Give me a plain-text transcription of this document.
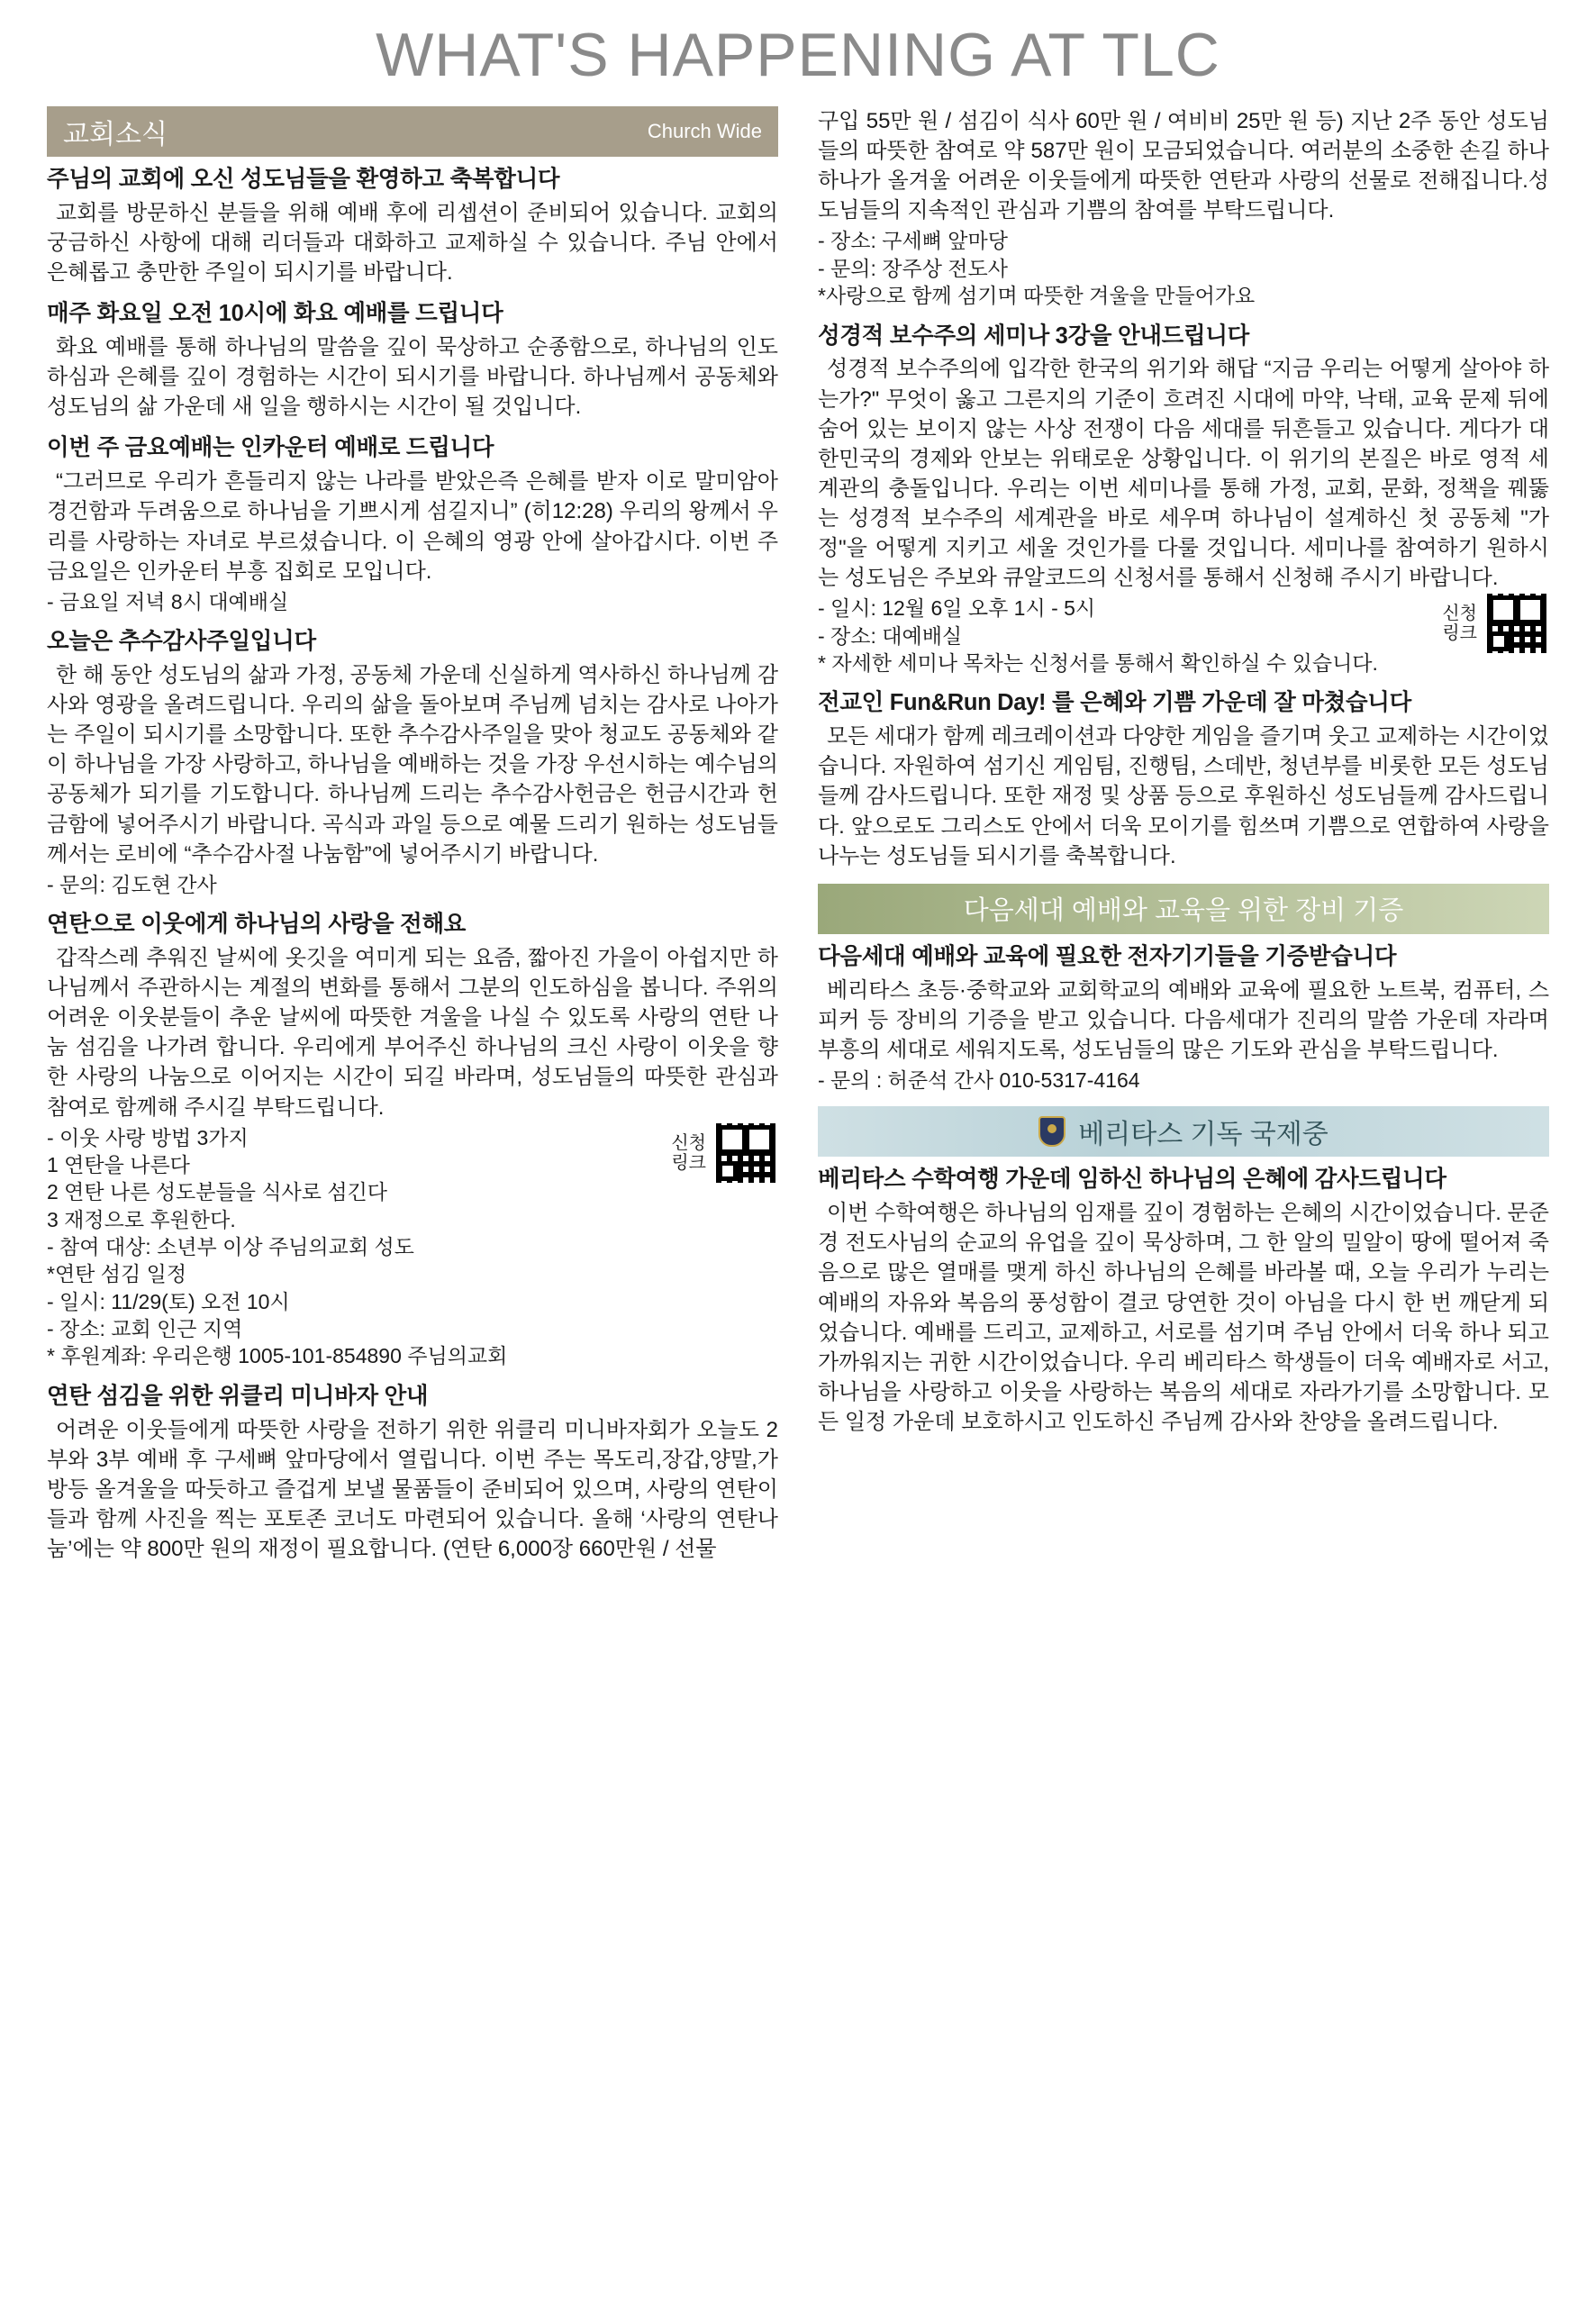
WHAT'S HAPPENING AT TLC
교회소식	Church Wide
주님의 교회에 오신 성도님들을 환영하고 축복합니다

교회를 방문하신 분들을 위해 예배 후에 리셉션이 준비되어 있습니다. 교회의 궁금하신 사항에 대해 리더들과 대화하고 교제하실 수 있습니다. 주님 안에서 은혜롭고 충만한 주일이 되시기를 바랍니다.

매주 화요일 오전 10시에 화요 예배를 드립니다

화요 예배를 통해 하나님의 말씀을 깊이 묵상하고 순종함으로, 하나님의 인도하심과 은혜를 깊이 경험하는 시간이 되시기를 바랍니다. 하나님께서 공동체와 성도님의 삶 가운데 새 일을 행하시는 시간이 될 것입니다.

이번 주 금요예배는 인카운터 예배로 드립니다

“그러므로 우리가 흔들리지 않는 나라를 받았은즉 은혜를 받자 이로 말미암아 경건함과 두려움으로 하나님을 기쁘시게 섬길지니” (히12:28) 우리의 왕께서 우리를 사랑하는 자녀로 부르셨습니다. 이 은혜의 영광 안에 살아갑시다. 이번 주 금요일은 인카운터 부흥 집회로 모입니다.

- 금요일 저녁 8시 대예배실

오늘은 추수감사주일입니다

한 해 동안 성도님의 삶과 가정, 공동체 가운데 신실하게 역사하신 하나님께 감사와 영광을 올려드립니다. 우리의 삶을 돌아보며 주님께 넘치는 감사로 나아가는 주일이 되시기를 소망합니다. 또한 추수감사주일을 맞아 청교도 공동체와 같이 하나님을 가장 사랑하고, 하나님을 예배하는 것을 가장 우선시하는 예수님의 공동체가 되기를 기도합니다. 하나님께 드리는 추수감사헌금은 헌금시간과 헌금함에 넣어주시기 바랍니다. 곡식과 과일 등으로 예물 드리기 원하는 성도님들께서는 로비에 “추수감사절 나눔함”에 넣어주시기 바랍니다.

- 문의: 김도현 간사

연탄으로 이웃에게 하나님의 사랑을 전해요

갑작스레 추워진 날씨에 옷깃을 여미게 되는 요즘, 짧아진 가을이 아쉽지만 하나님께서 주관하시는 계절의 변화를 통해서 그분의 인도하심을 봅니다. 주위의 어려운 이웃분들이 추운 날씨에 따뜻한 겨울을 나실 수 있도록 사랑의 연탄 나눔 섬김을 나가려 합니다. 우리에게 부어주신 하나님의 크신 사랑이 이웃을 향한 사랑의 나눔으로 이어지는 시간이 되길 바라며, 성도님들의 따뜻한 관심과 참여로 함께해 주시길 부탁드립니다.

신청
링크

- 이웃 사랑 방법 3가지

1 연탄을 나른다

2 연탄 나른 성도분들을 식사로 섬긴다

3 재정으로 후원한다.

- 참여 대상: 소년부 이상 주님의교회 성도

*연탄 섬김 일정

- 일시: 11/29(토) 오전 10시

- 장소: 교회 인근 지역

* 후원계좌: 우리은행 1005-101-854890 주님의교회

연탄 섬김을 위한 위클리 미니바자 안내

어려운 이웃들에게 따뜻한 사랑을 전하기 위한 위클리 미니바자회가 오늘도 2부와 3부 예배 후 구세뼈 앞마당에서 열립니다. 이번 주는 목도리,장갑,양말,가방등 올겨울을 따듯하고 즐겁게 보낼 물품들이 준비되어 있으며, 사랑의 연탄이들과 함께 사진을 찍는 포토존 코너도 마련되어 있습니다. 올해 ‘사랑의 연탄나눔’에는 약 800만 원의 재정이 필요합니다. (연탄 6,000장 660만원 / 선물

구입 55만 원 / 섬김이 식사 60만 원 / 여비비 25만 원 등) 지난 2주 동안 성도님들의 따뜻한 참여로 약 587만 원이 모금되었습니다. 여러분의 소중한 손길 하나하나가 올겨울 어려운 이웃들에게 따뜻한 연탄과 사랑의 선물로 전해집니다.성도님들의 지속적인 관심과 기쁨의 참여를 부탁드립니다.

- 장소: 구세뼈 앞마당

- 문의: 장주상 전도사

*사랑으로 함께 섬기며 따뜻한 겨울을 만들어가요

성경적 보수주의 세미나 3강을 안내드립니다

성경적 보수주의에 입각한 한국의 위기와 해답 “지금 우리는 어떻게 살아야 하는가?" 무엇이 옳고 그른지의 기준이 흐려진 시대에 마약, 낙태, 교육 문제 뒤에 숨어 있는 보이지 않는 사상 전쟁이 다음 세대를 뒤흔들고 있습니다. 게다가 대한민국의 경제와 안보는 위태로운 상황입니다. 이 위기의 본질은 바로 영적 세계관의 충돌입니다. 우리는 이번 세미나를 통해 가정, 교회, 문화, 정책을 꿰뚫는 성경적 보수주의 세계관을 바로 세우며 하나님이 설계하신 첫 공동체 "가정"을 어떻게 지키고 세울 것인가를 다룰 것입니다. 세미나를 참여하기 원하시는 성도님은 주보와 큐알코드의 신청서를 통해서 신청해 주시기 바랍니다.

신청
링크

- 일시: 12월 6일 오후 1시 - 5시

- 장소: 대예배실

* 자세한 세미나 목차는 신청서를 통해서 확인하실 수 있습니다.

전교인 Fun&Run Day! 를 은혜와 기쁨 가운데 잘 마쳤습니다

모든 세대가 함께 레크레이션과 다양한 게임을 즐기며 웃고 교제하는 시간이었습니다. 자원하여 섬기신 게임팀, 진행팀, 스데반, 청년부를 비롯한 모든 성도님들께 감사드립니다. 또한 재정 및 상품 등으로 후원하신 성도님들께 감사드립니다. 앞으로도 그리스도 안에서 더욱 모이기를 힘쓰며 기쁨으로 연합하여 사랑을 나누는 성도님들 되시기를 축복합니다.

다음세대 예배와 교육을 위한 장비 기증
다음세대 예배와 교육에 필요한 전자기기들을 기증받습니다

베리타스 초등·중학교와 교회학교의 예배와 교육에 필요한 노트북, 컴퓨터, 스피커 등 장비의 기증을 받고 있습니다. 다음세대가 진리의 말씀 가운데 자라며 부흥의 세대로 세워지도록, 성도님들의 많은 기도와 관심을 부탁드립니다.

- 문의 : 허준석 간사 010-5317-4164

베리타스 기독 국제중
베리타스 수학여행 가운데 임하신 하나님의 은혜에 감사드립니다

이번 수학여행은 하나님의 임재를 깊이 경험하는 은혜의 시간이었습니다. 문준경 전도사님의 순교의 유업을 깊이 묵상하며, 그 한 알의 밀알이 땅에 떨어져 죽음으로 많은 열매를 맺게 하신 하나님의 은혜를 바라볼 때, 오늘 우리가 누리는 예배의 자유와 복음의 풍성함이 결코 당연한 것이 아님을 다시 한 번 깨닫게 되었습니다. 예배를 드리고, 교제하고, 서로를 섬기며 주님 안에서 더욱 하나 되고 가까워지는 귀한 시간이었습니다. 우리 베리타스 학생들이 더욱 예배자로 서고, 하나님을 사랑하고 이웃을 사랑하는 복음의 세대로 자라가기를 소망합니다. 모든 일정 가운데 보호하시고 인도하신 주님께 감사와 찬양을 올려드립니다.
